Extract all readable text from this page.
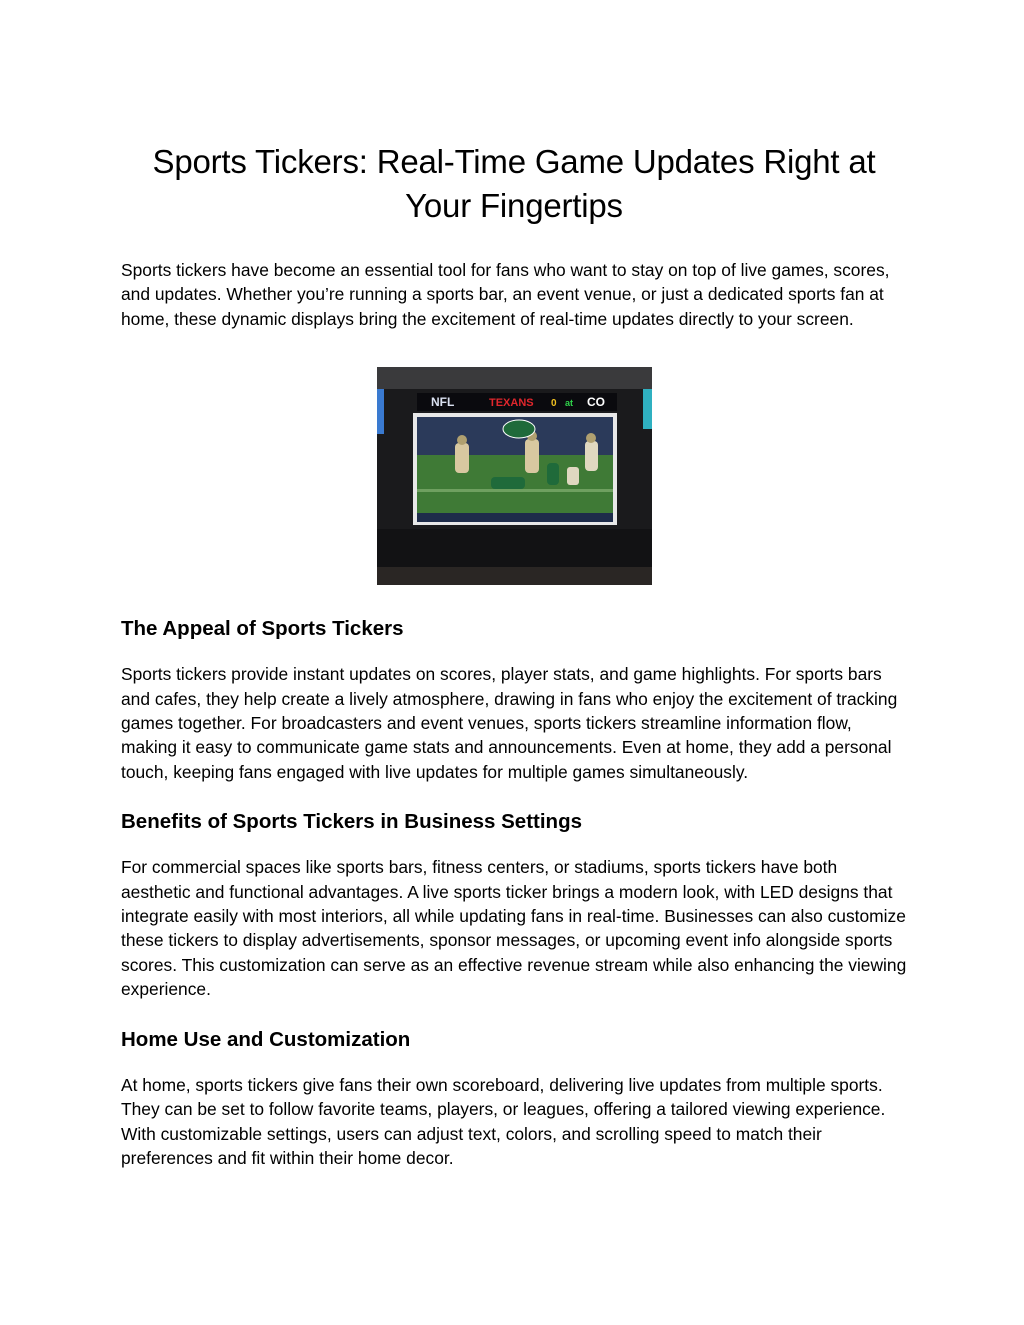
Sports Tickers: Real-Time Game Updates Right at Your Fingertips

Sports tickers have become an essential tool for fans who want to stay on top of live games, scores, and updates. Whether you’re running a sports bar, an event venue, or just a dedicated sports fan at home, these dynamic displays bring the excitement of real-time updates directly to your screen.

NFL	TEXANS 0 at CO
The Appeal of Sports Tickers

Sports tickers provide instant updates on scores, player stats, and game highlights. For sports bars and cafes, they help create a lively atmosphere, drawing in fans who enjoy the excitement of tracking games together. For broadcasters and event venues, sports tickers streamline information flow, making it easy to communicate game stats and announcements. Even at home, they add a personal touch, keeping fans engaged with live updates for multiple games simultaneously.

Benefits of Sports Tickers in Business Settings

For commercial spaces like sports bars, fitness centers, or stadiums, sports tickers have both aesthetic and functional advantages. A live sports ticker brings a modern look, with LED designs that integrate easily with most interiors, all while updating fans in real-time. Businesses can also customize these tickers to display advertisements, sponsor messages, or upcoming event info alongside sports scores. This customization can serve as an effective revenue stream while also enhancing the viewing experience.

Home Use and Customization

At home, sports tickers give fans their own scoreboard, delivering live updates from multiple sports. They can be set to follow favorite teams, players, or leagues, offering a tailored viewing experience. With customizable settings, users can adjust text, colors, and scrolling speed to match their preferences and fit within their home decor.
